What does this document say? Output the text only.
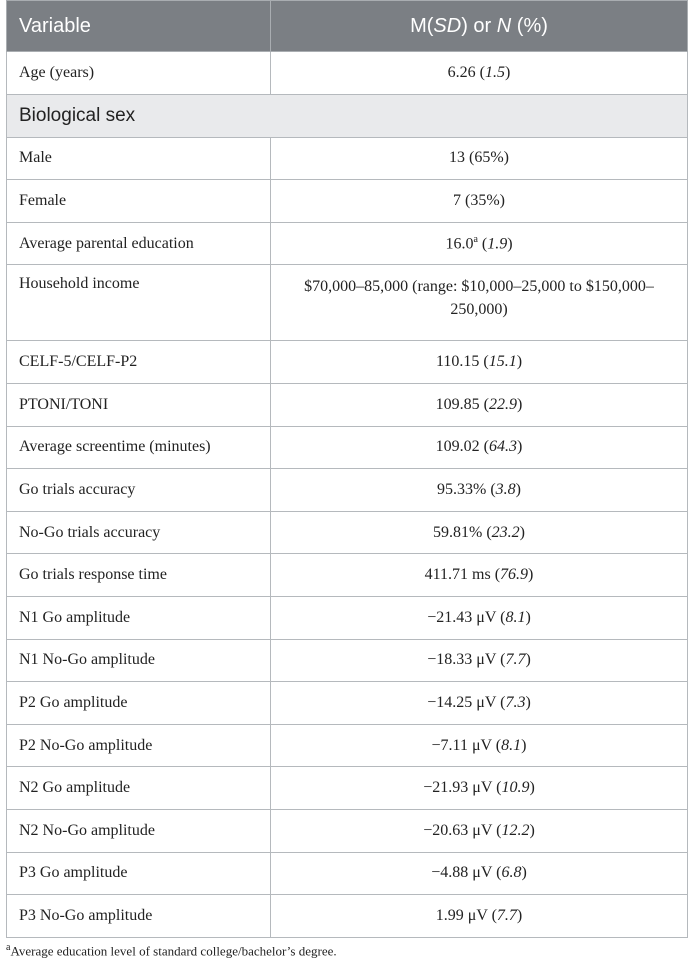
Variable	M(SD) or N (%)
Age (years)	6.26 (1.5)
Biological sex	
Male	13 (65%)
Female	7 (35%)
Average parental education	16.0$^a$ (1.9)
Household income	$70,000–85,000 (range: $10,000–25,000 to $150,000–250,000)
CELF-5/CELF-P2	110.15 (15.1)
PTONI/TONI	109.85 (22.9)
Average screentime (minutes)	109.02 (64.3)
Go trials accuracy	95.33% (3.8)
No-Go trials accuracy	59.81% (23.2)
Go trials response time	411.71 ms (76.9)
N1 Go amplitude	−21.43 μV (8.1)
N1 No-Go amplitude	−18.33 μV (7.7)
P2 Go amplitude	−14.25 μV (7.3)
P2 No-Go amplitude	−7.11 μV (8.1)
N2 Go amplitude	−21.93 μV (10.9)
N2 No-Go amplitude	−20.63 μV (12.2)
P3 Go amplitude	−4.88 μV (6.8)
P3 No-Go amplitude	1.99 μV (7.7)
$^a$Average education level of standard college/bachelor’s degree.
